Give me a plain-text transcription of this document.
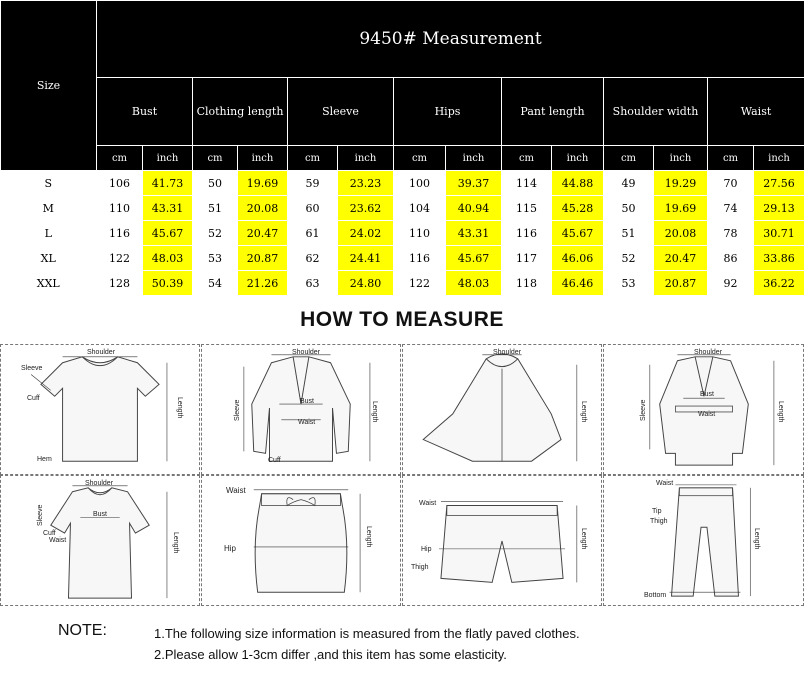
Size	9450# Measurement													
	Bust		Clothing length		Sleeve		Hips		Pant length		Shoulder width		Waist	
	cm	inch	cm	inch	cm	inch	cm	inch	cm	inch	cm	inch	cm	inch
S	106	41.73	50	19.69	59	23.23	100	39.37	114	44.88	49	19.29	70	27.56
M	110	43.31	51	20.08	60	23.62	104	40.94	115	45.28	50	19.69	74	29.13
L	116	45.67	52	20.47	61	24.02	110	43.31	116	45.67	51	20.08	78	30.71
XL	122	48.03	53	20.87	62	24.41	116	45.67	117	46.06	52	20.47	86	33.86
XXL	128	50.39	54	21.26	63	24.80	122	48.03	118	46.46	53	20.87	92	36.22
HOW TO MEASURE
Shoulder
Sleeve
Cuff
Hem
Length
Shoulder
Sleeve	Bust
Waist
Cuff
Length
Shoulder
Length
Shoulder
Sleeve
Bust
Waist	Length
Shoulder
Sleeve	Bust
Cuff
Waist	Length
Waist
Hip
Length
Waist
Hip
Thigh
Length
Waist
Tip
Thigh
Bottom
Length
NOTE:	1.The following size information is measured from the flatly paved clothes.
2.Please allow 1-3cm differ ,and this item has some elasticity.
